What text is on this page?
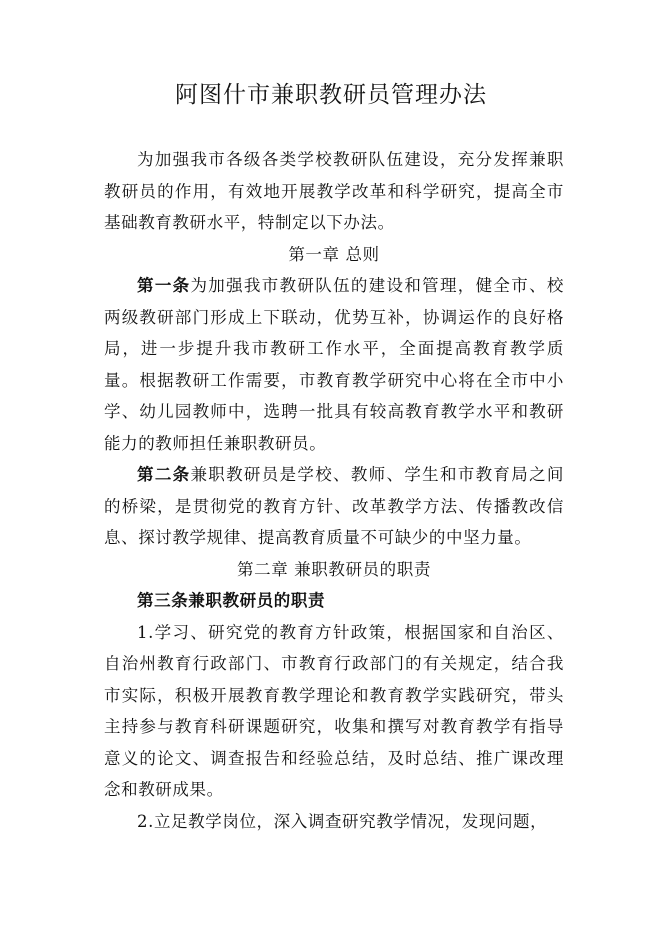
阿图什市兼职教研员管理办法

为加强我市各级各类学校教研队伍建设，充分发挥兼职教研员的作用，有效地开展教学改革和科学研究，提高全市基础教育教研水平，特制定以下办法。

第一章 总则

第一条为加强我市教研队伍的建设和管理，健全市、校两级教研部门形成上下联动，优势互补，协调运作的良好格局，进一步提升我市教研工作水平，全面提高教育教学质量。根据教研工作需要，市教育教学研究中心将在全市中小学、幼儿园教师中，选聘一批具有较高教育教学水平和教研能力的教师担任兼职教研员。

第二条兼职教研员是学校、教师、学生和市教育局之间的桥梁，是贯彻党的教育方针、改革教学方法、传播教改信息、探讨教学规律、提高教育质量不可缺少的中坚力量。

第二章 兼职教研员的职责

第三条兼职教研员的职责

1.学习、研究党的教育方针政策，根据国家和自治区、自治州教育行政部门、市教育行政部门的有关规定，结合我市实际，积极开展教育教学理论和教育教学实践研究，带头主持参与教育科研课题研究，收集和撰写对教育教学有指导意义的论文、调查报告和经验总结，及时总结、推广课改理念和教研成果。

2.立足教学岗位，深入调查研究教学情况，发现问题，
